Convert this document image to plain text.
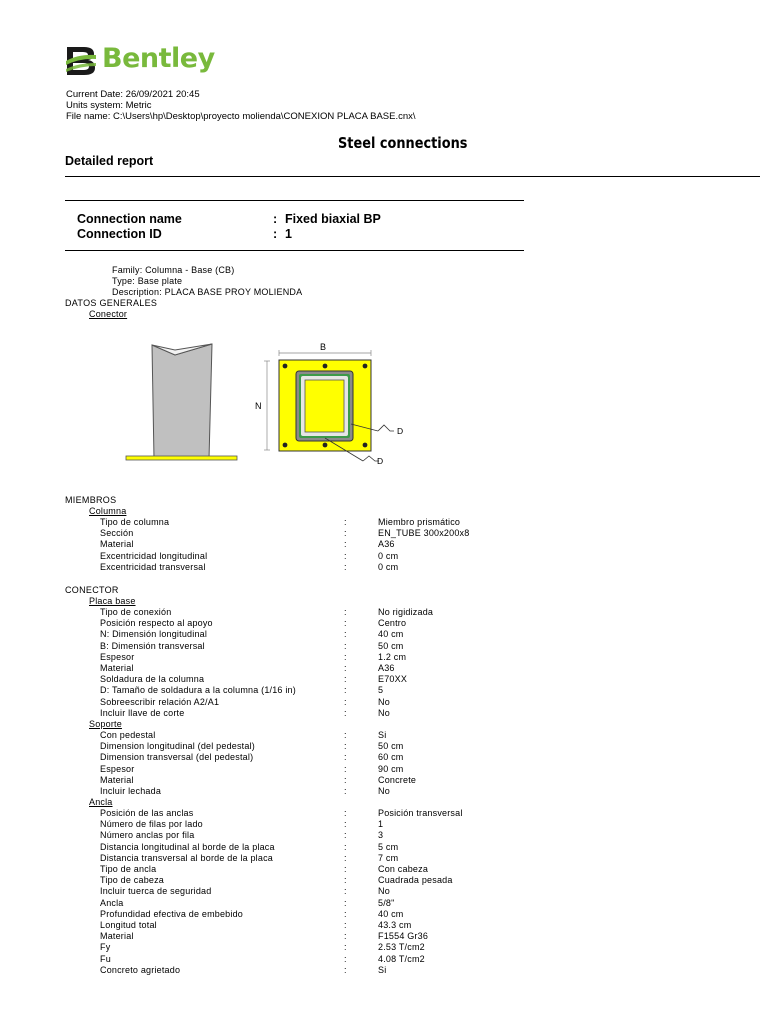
Bentley
Current Date: 26/09/2021 20:45
Units system: Metric
File name: C:\Users\hp\Desktop\proyecto molienda\CONEXION PLACA BASE.cnx\
Steel connections
Detailed report
Connection name	: Fixed biaxial BP
Connection ID	: 1
Family: Columna - Base (CB)
Type: Base plate
Description: PLACA BASE PROY MOLIENDA
DATOS GENERALES
Conector
B
N
D
D
MIEMBROS
Columna
Tipo de columna	:	Miembro prismático
Sección	:	EN_TUBE 300x200x8
Material	:	A36
Excentricidad longitudinal	:	0 cm
Excentricidad transversal	:	0 cm
CONECTOR
Placa base
Tipo de conexión	:	No rigidizada
Posición respecto al apoyo	:	Centro
N: Dimensión longitudinal	:	40 cm
B: Dimensión transversal	:	50 cm
Espesor	:	1.2 cm
Material	:	A36
Soldadura de la columna	:	E70XX
D: Tamaño de soldadura a la columna (1/16 in)	:	5
Sobreescribir relación A2/A1	:	No
Incluir llave de corte	:	No
Soporte
Con pedestal	:	Si
Dimension longitudinal (del pedestal)	:	50 cm
Dimension transversal (del pedestal)	:	60 cm
Espesor	:	90 cm
Material	:	Concrete
Incluir lechada	:	No
Ancla
Posición de las anclas	:	Posición transversal
Número de filas por lado	:	1
Número anclas por fila	:	3
Distancia longitudinal al borde de la placa	:	5 cm
Distancia transversal al borde de la placa	:	7 cm
Tipo de ancla	:	Con cabeza
Tipo de cabeza	:	Cuadrada pesada
Incluir tuerca de seguridad	:	No
Ancla	:	5/8"
Profundidad efectiva de embebido	:	40 cm
Longitud total	:	43.3 cm
Material	:	F1554 Gr36
Fy	:	2.53 T/cm2
Fu	:	4.08 T/cm2
Concreto agrietado	:	Si
